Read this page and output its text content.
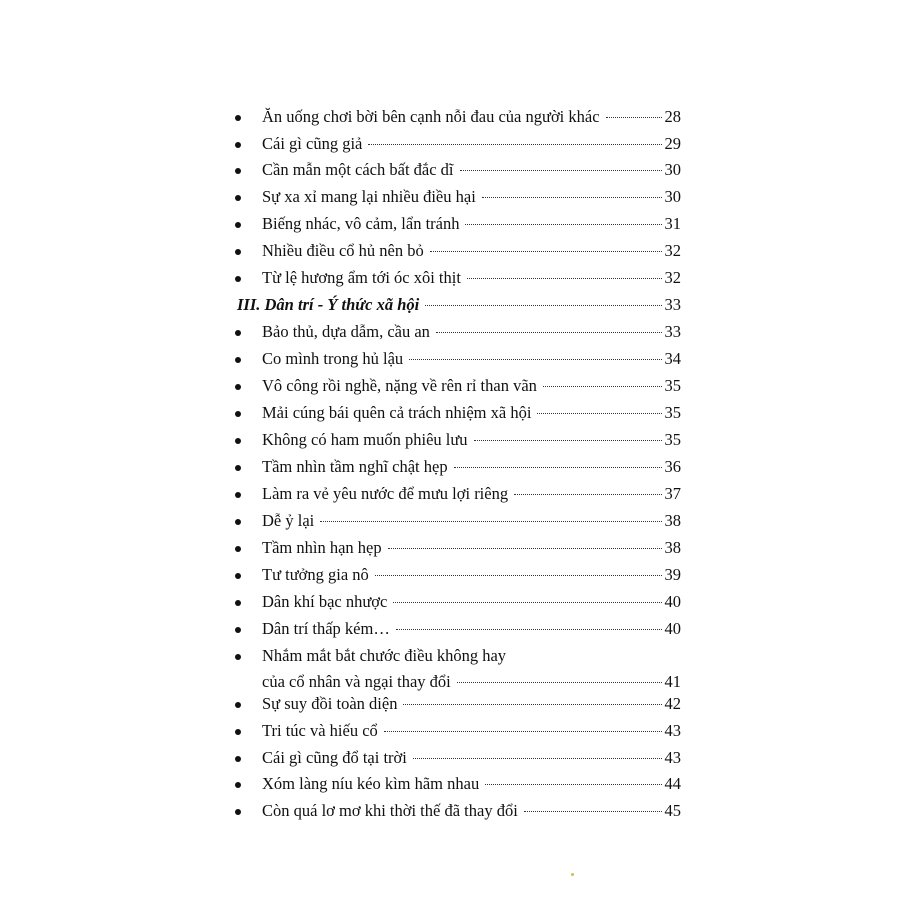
Ăn uống chơi bời bên cạnh nỗi đau của người khác	28
Cái gì cũng giả	29
Cần mẫn một cách bất đắc dĩ	30
Sự xa xỉ mang lại nhiều điều hại	30
Biếng nhác, vô cảm, lẩn tránh	31
Nhiều điều cổ hủ nên bỏ	32
Từ lệ hương ẩm tới óc xôi thịt	32
III. Dân trí - Ý thức xã hội	33
Bảo thủ, dựa dẫm, cầu an	33
Co mình trong hủ lậu	34
Vô công rồi nghề, nặng về rên rỉ than vãn	35
Mải cúng bái quên cả trách nhiệm xã hội	35
Không có ham muốn phiêu lưu	35
Tầm nhìn tầm nghĩ chật hẹp	36
Làm ra vẻ yêu nước để mưu lợi riêng	37
Dễ ỷ lại	38
Tầm nhìn hạn hẹp	38
Tư tưởng gia nô	39
Dân khí bạc nhược	40
Dân trí thấp kém…	40
Nhắm mắt bắt chước điều không hay
của cổ nhân và ngại thay đổi	41
Sự suy đồi toàn diện	42
Tri túc và hiếu cổ	43
Cái gì cũng đổ tại trời	43
Xóm làng níu kéo kìm hãm nhau	44
Còn quá lơ mơ khi thời thế đã thay đổi	45
